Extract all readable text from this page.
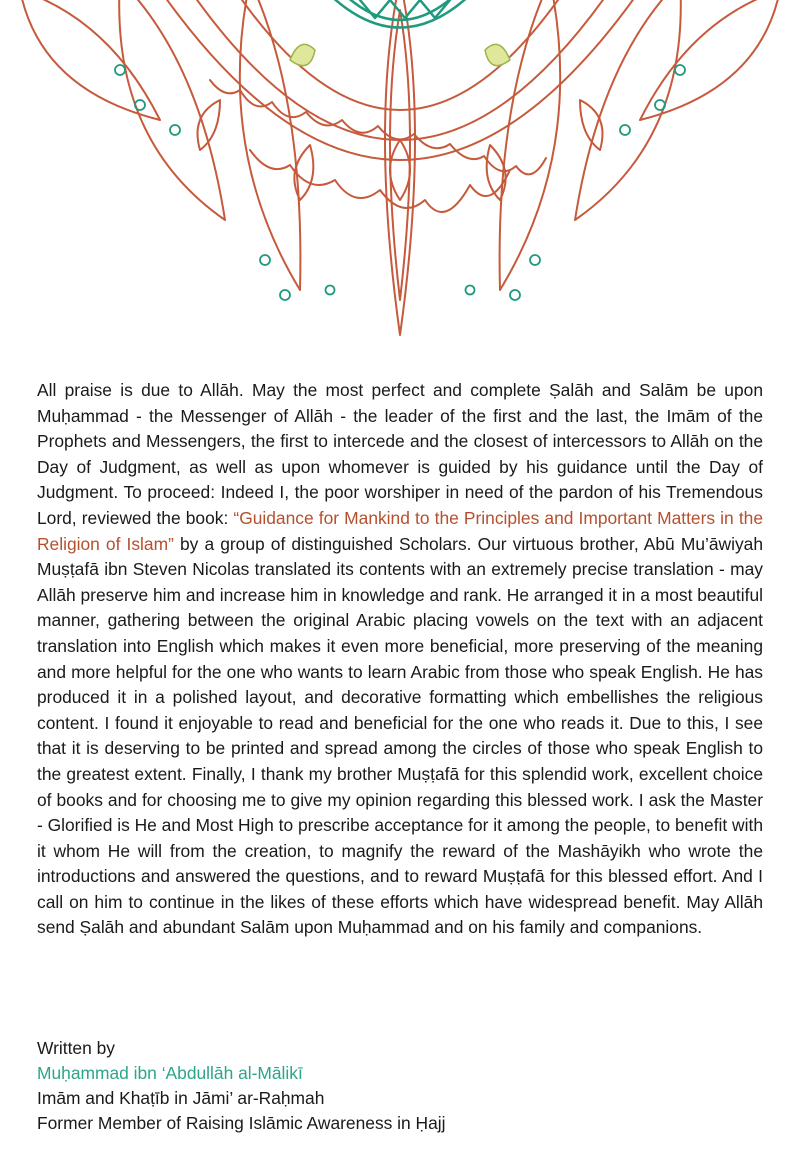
All praise is due to Allāh. May the most perfect and complete Ṣalāh and Salām be upon Muḥammad - the Messenger of Allāh - the leader of the first and the last, the Imām of the Prophets and Messengers, the first to intercede and the closest of intercessors to Allāh on the Day of Judgment, as well as upon whomever is guided by his guidance until the Day of Judgment. To proceed: Indeed I, the poor worshiper in need of the pardon of his Tremendous Lord, reviewed the book: “Guidance for Mankind to the Principles and Important Matters in the Religion of Islam” by a group of distinguished Scholars. Our virtuous brother, Abū Mu’āwiyah Muṣṭafā ibn Steven Nicolas translated its contents with an extremely precise translation - may Allāh preserve him and increase him in knowledge and rank. He arranged it in a most beautiful manner, gathering between the original Arabic placing vowels on the text with an adjacent translation into English which makes it even more beneficial, more preserving of the meaning and more helpful for the one who wants to learn Arabic from those who speak English. He has produced it in a polished layout, and decorative formatting which embellishes the religious content. I found it enjoyable to read and beneficial for the one who reads it. Due to this, I see that it is deserving to be printed and spread among the circles of those who speak English to the greatest extent. Finally, I thank my brother Muṣṭafā for this splendid work, excellent choice of books and for choosing me to give my opinion regarding this blessed work. I ask the Master - Glorified is He and Most High to prescribe acceptance for it among the people, to benefit with it whom He will from the creation, to magnify the reward of the Mashāyikh who wrote the introductions and answered the questions, and to reward Muṣṭafā for this blessed effort. And I call on him to continue in the likes of these efforts which have widespread benefit. May Allāh send Ṣalāh and abundant Salām upon Muḥammad and on his family and companions.

Written by
Muḥammad ibn ‘Abdullāh al-Mālikī
Imām and Khaṭīb in Jāmi’ ar-Raḥmah
Former Member of Raising Islāmic Awareness in Ḥajj
